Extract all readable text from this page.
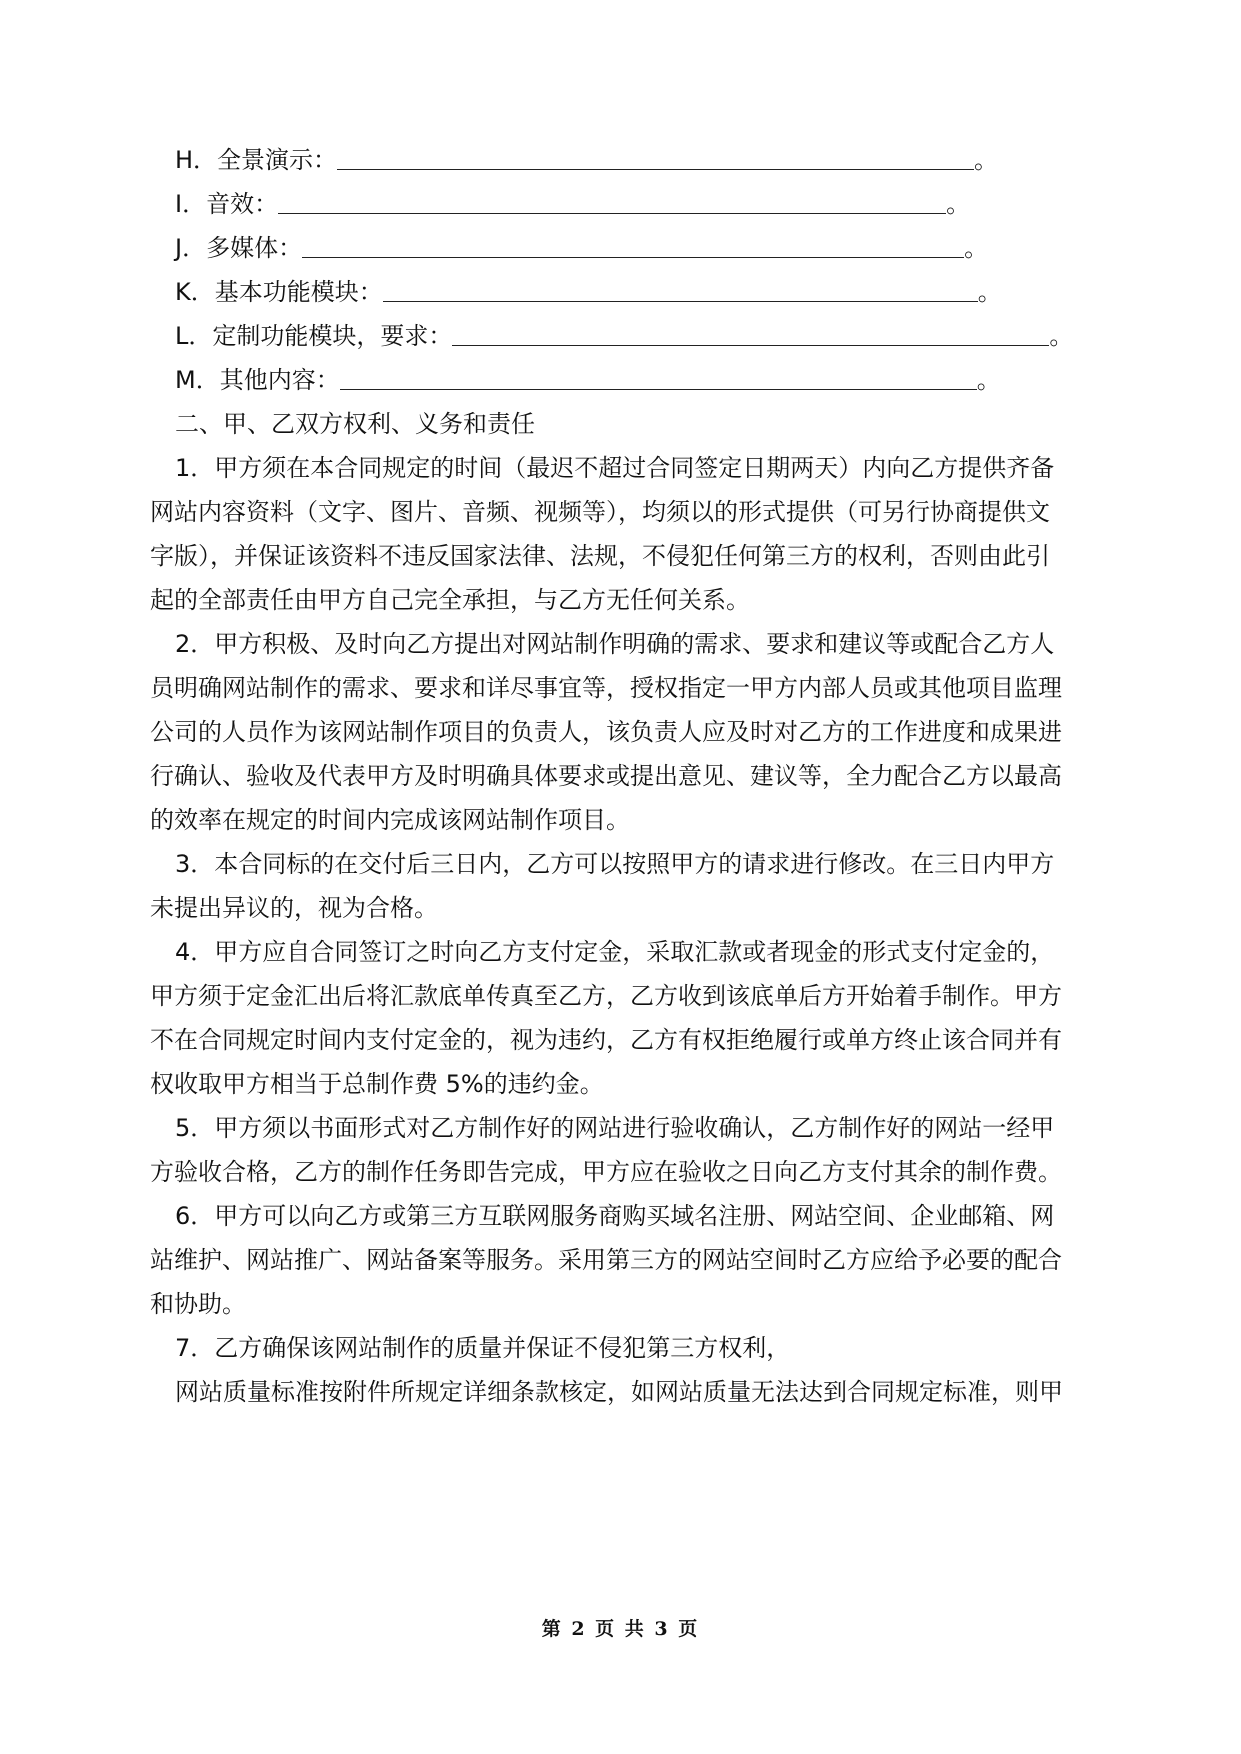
H．全景演示：	。
I．音效：	。
J．多媒体：	。
K．基本功能模块：	。
L．定制功能模块，要求：	。
M．其他内容：	。
二、甲、乙双方权利、义务和责任
1．甲方须在本合同规定的时间（最迟不超过合同签定日期两天）内向乙方提供齐备
网站内容资料（文字、图片、音频、视频等），均须以的形式提供（可另行协商提供文
字版），并保证该资料不违反国家法律、法规，不侵犯任何第三方的权利，否则由此引
起的全部责任由甲方自己完全承担，与乙方无任何关系。
2．甲方积极、及时向乙方提出对网站制作明确的需求、要求和建议等或配合乙方人
员明确网站制作的需求、要求和详尽事宜等，授权指定一甲方内部人员或其他项目监理
公司的人员作为该网站制作项目的负责人，该负责人应及时对乙方的工作进度和成果进
行确认、验收及代表甲方及时明确具体要求或提出意见、建议等，全力配合乙方以最高
的效率在规定的时间内完成该网站制作项目。
3．本合同标的在交付后三日内，乙方可以按照甲方的请求进行修改。在三日内甲方
未提出异议的，视为合格。
4．甲方应自合同签订之时向乙方支付定金，采取汇款或者现金的形式支付定金的，
甲方须于定金汇出后将汇款底单传真至乙方，乙方收到该底单后方开始着手制作。甲方
不在合同规定时间内支付定金的，视为违约，乙方有权拒绝履行或单方终止该合同并有
权收取甲方相当于总制作费 5%的违约金。
5．甲方须以书面形式对乙方制作好的网站进行验收确认，乙方制作好的网站一经甲
方验收合格，乙方的制作任务即告完成，甲方应在验收之日向乙方支付其余的制作费。
6．甲方可以向乙方或第三方互联网服务商购买域名注册、网站空间、企业邮箱、网
站维护、网站推广、网站备案等服务。采用第三方的网站空间时乙方应给予必要的配合
和协助。
7．乙方确保该网站制作的质量并保证不侵犯第三方权利，
网站质量标准按附件所规定详细条款核定，如网站质量无法达到合同规定标准，则甲
第 2 页 共 3 页
